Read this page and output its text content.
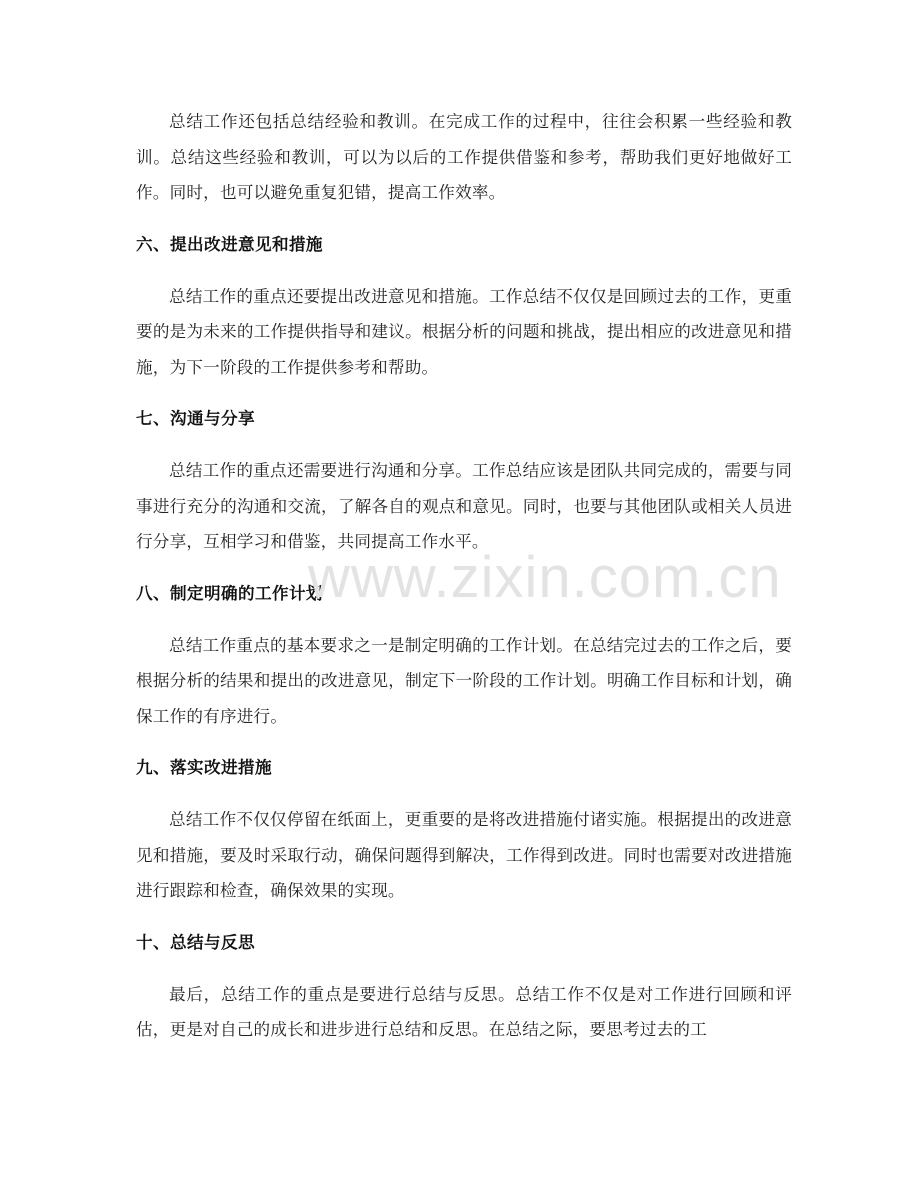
总结工作还包括总结经验和教训。在完成工作的过程中，往往会积累一些经验和教训。总结这些经验和教训，可以为以后的工作提供借鉴和参考，帮助我们更好地做好工作。同时，也可以避免重复犯错，提高工作效率。

六、提出改进意见和措施

总结工作的重点还要提出改进意见和措施。工作总结不仅仅是回顾过去的工作，更重要的是为未来的工作提供指导和建议。根据分析的问题和挑战，提出相应的改进意见和措施，为下一阶段的工作提供参考和帮助。

七、沟通与分享

总结工作的重点还需要进行沟通和分享。工作总结应该是团队共同完成的，需要与同事进行充分的沟通和交流，了解各自的观点和意见。同时，也要与其他团队或相关人员进行分享，互相学习和借鉴，共同提高工作水平。

八、制定明确的工作计划

总结工作重点的基本要求之一是制定明确的工作计划。在总结完过去的工作之后，要根据分析的结果和提出的改进意见，制定下一阶段的工作计划。明确工作目标和计划，确保工作的有序进行。

九、落实改进措施

总结工作不仅仅停留在纸面上，更重要的是将改进措施付诸实施。根据提出的改进意见和措施，要及时采取行动，确保问题得到解决，工作得到改进。同时也需要对改进措施进行跟踪和检查，确保效果的实现。

十、总结与反思

最后，总结工作的重点是要进行总结与反思。总结工作不仅是对工作进行回顾和评估，更是对自己的成长和进步进行总结和反思。在总结之际，要思考过去的工

www.zixin.com.cn
